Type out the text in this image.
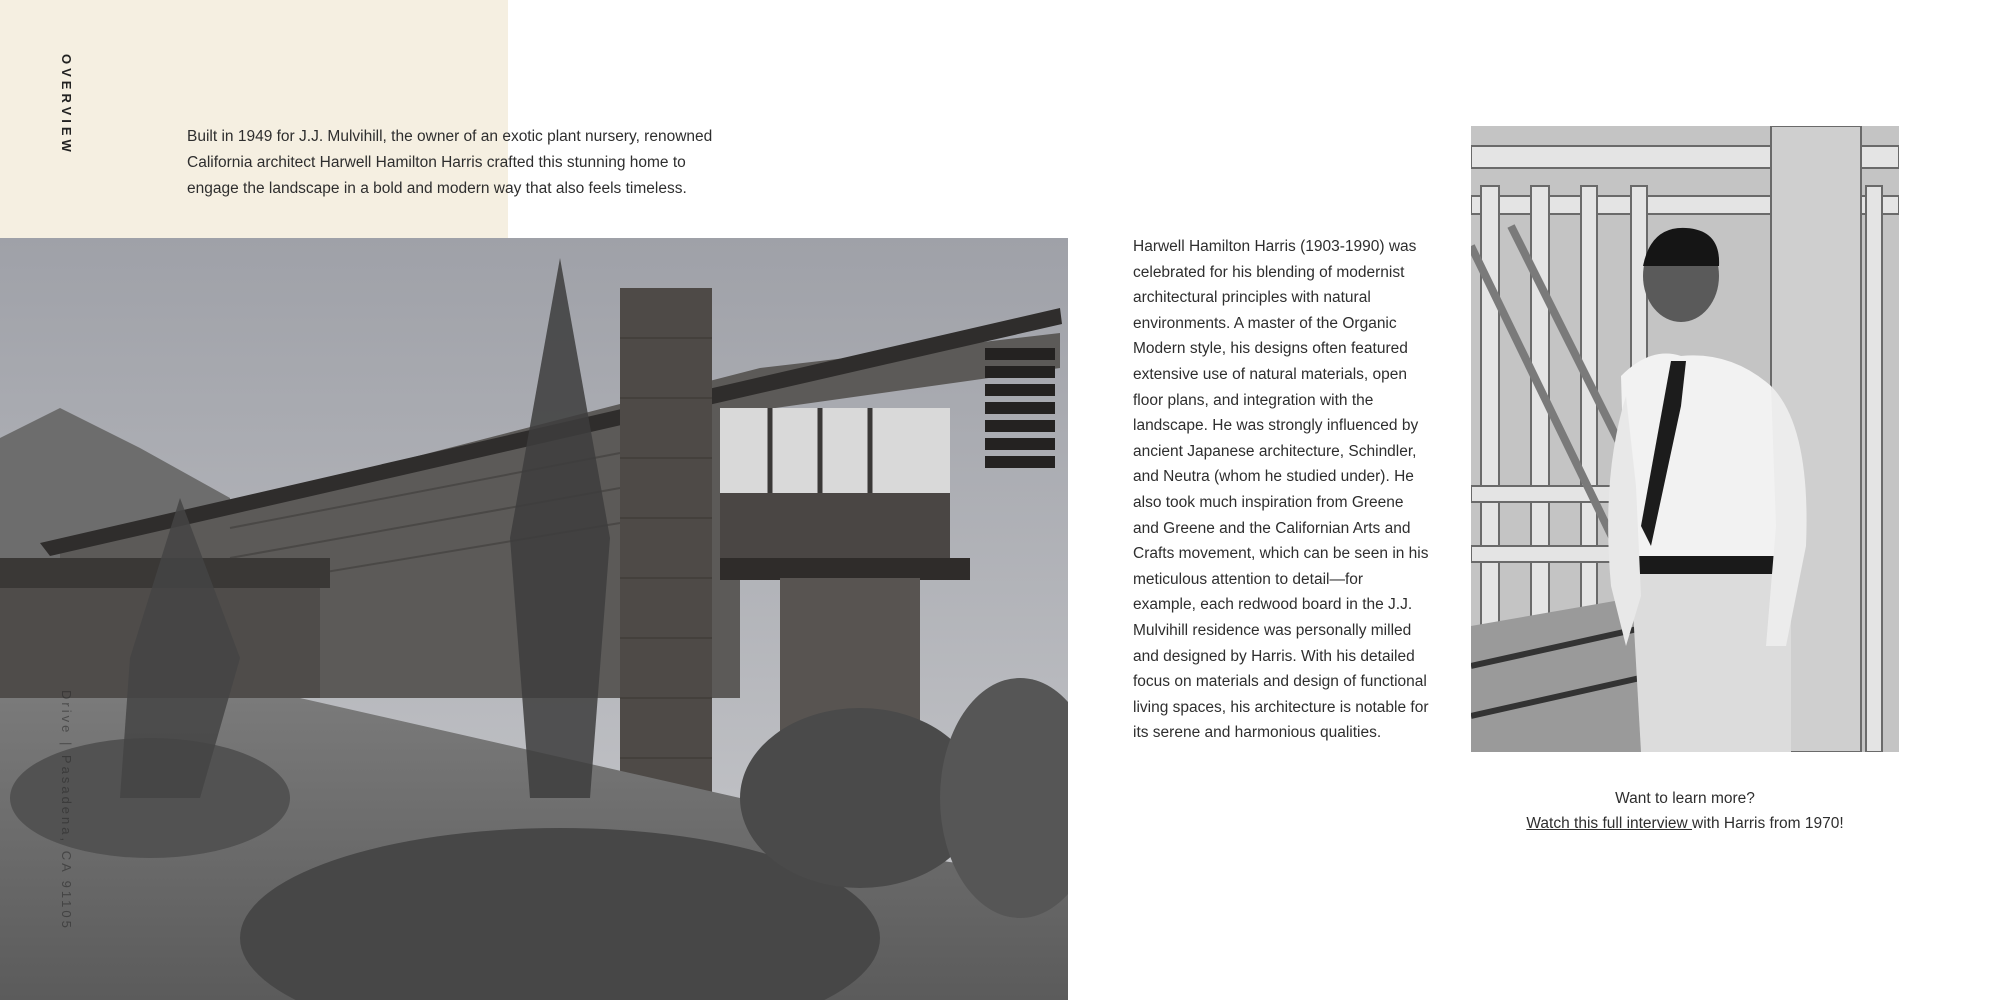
OVERVIEW	Built in 1949 for J.J. Mulvihill, the owner of an exotic plant nursery, renowned California architect Harwell Hamilton Harris crafted this stunning home to engage the landscape in a bold and modern way that also feels timeless.

Drive | Pasadena, CA 91105

Harwell Hamilton Harris (1903-1990) was celebrated for his blending of modernist architectural principles with natural environments. A master of the Organic Modern style, his designs often featured extensive use of natural materials, open floor plans, and integration with the landscape. He was strongly influenced by ancient Japanese architecture, Schindler, and Neutra (whom he studied under). He also took much inspiration from Greene and Greene and the Californian Arts and Crafts movement, which can be seen in his meticulous attention to detail—for example, each redwood board in the J.J. Mulvihill residence was personally milled and designed by Harris. With his detailed focus on materials and design of functional living spaces, his architecture is notable for its serene and harmonious qualities.

Want to learn more?
Watch this full interview with Harris from 1970!
